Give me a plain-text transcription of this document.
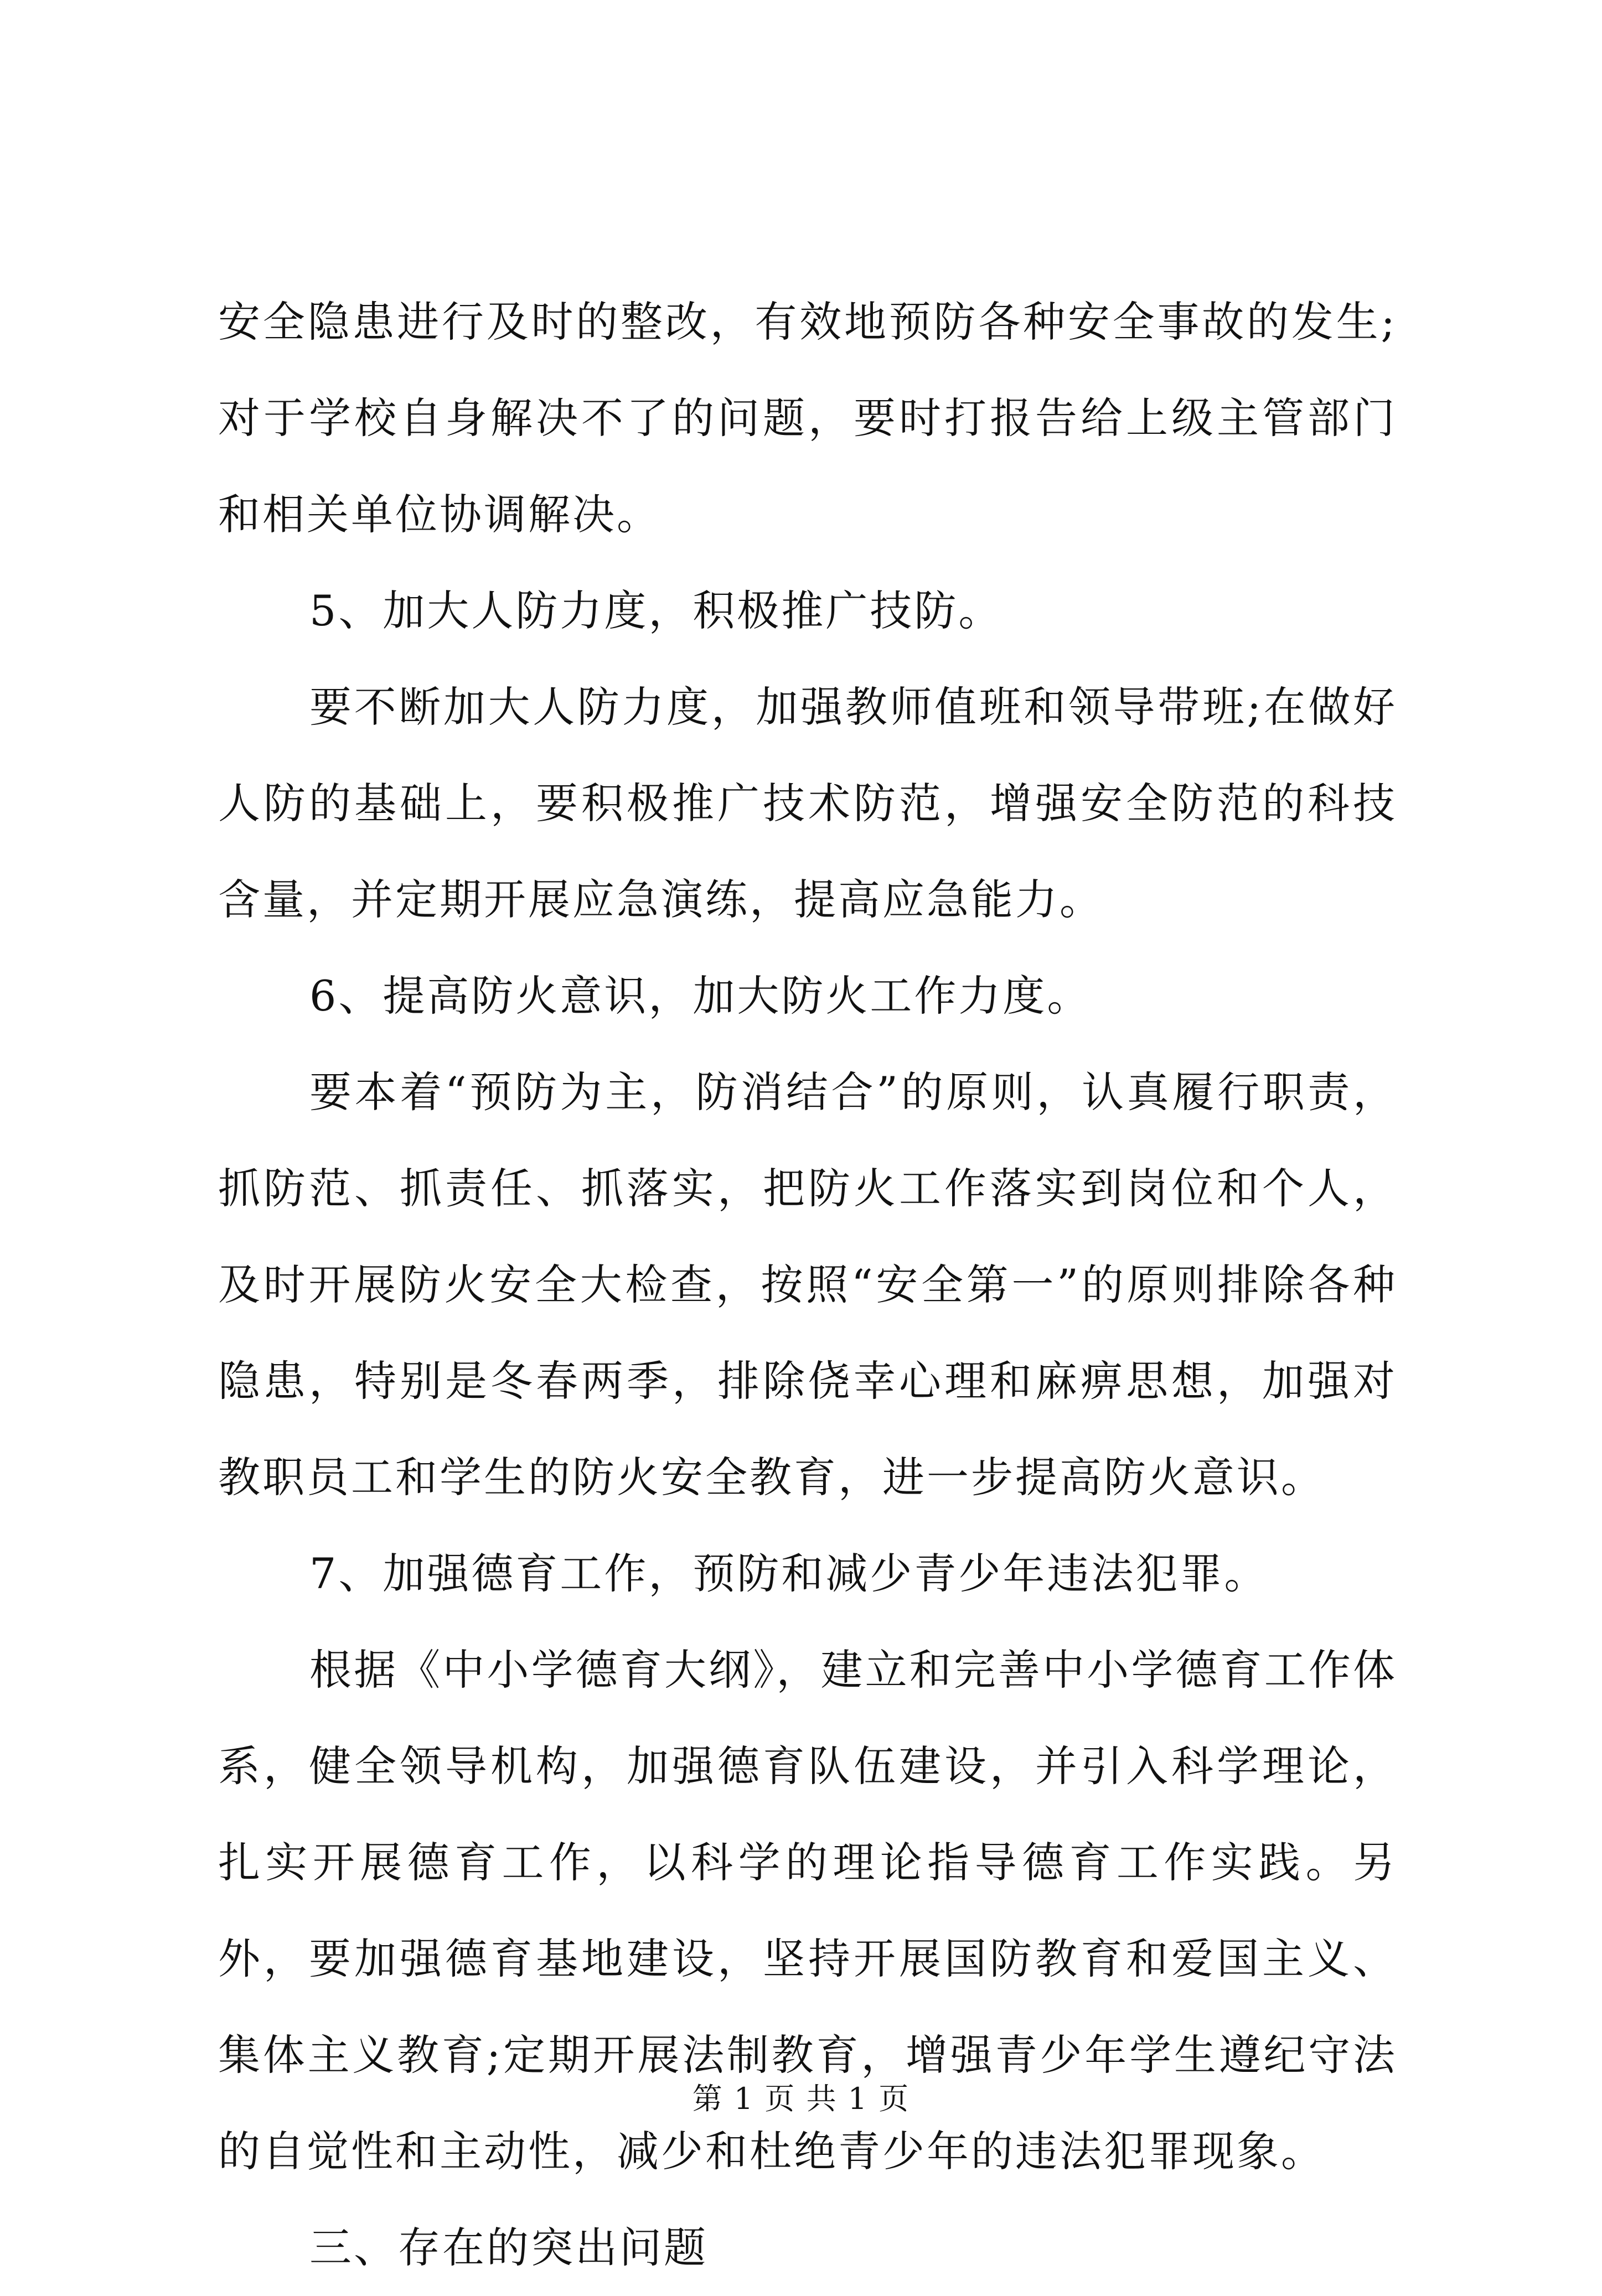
安全隐患进行及时的整改，有效地预防各种安全事故的发生;对于学校自身解决不了的问题，要时打报告给上级主管部门和相关单位协调解决。

5、加大人防力度，积极推广技防。

要不断加大人防力度，加强教师值班和领导带班;在做好人防的基础上，要积极推广技术防范，增强安全防范的科技含量，并定期开展应急演练，提高应急能力。

6、提高防火意识，加大防火工作力度。

要本着“预防为主，防消结合”的原则，认真履行职责，抓防范、抓责任、抓落实，把防火工作落实到岗位和个人，及时开展防火安全大检查，按照“安全第一”的原则排除各种隐患，特别是冬春两季，排除侥幸心理和麻痹思想，加强对教职员工和学生的防火安全教育，进一步提高防火意识。

7、加强德育工作，预防和减少青少年违法犯罪。

根据《中小学德育大纲》，建立和完善中小学德育工作体系，健全领导机构，加强德育队伍建设，并引入科学理论，扎实开展德育工作，以科学的理论指导德育工作实践。另外，要加强德育基地建设，坚持开展国防教育和爱国主义、集体主义教育;定期开展法制教育，增强青少年学生遵纪守法的自觉性和主动性，减少和杜绝青少年的违法犯罪现象。

三、存在的突出问题

第 1 页 共 1 页
